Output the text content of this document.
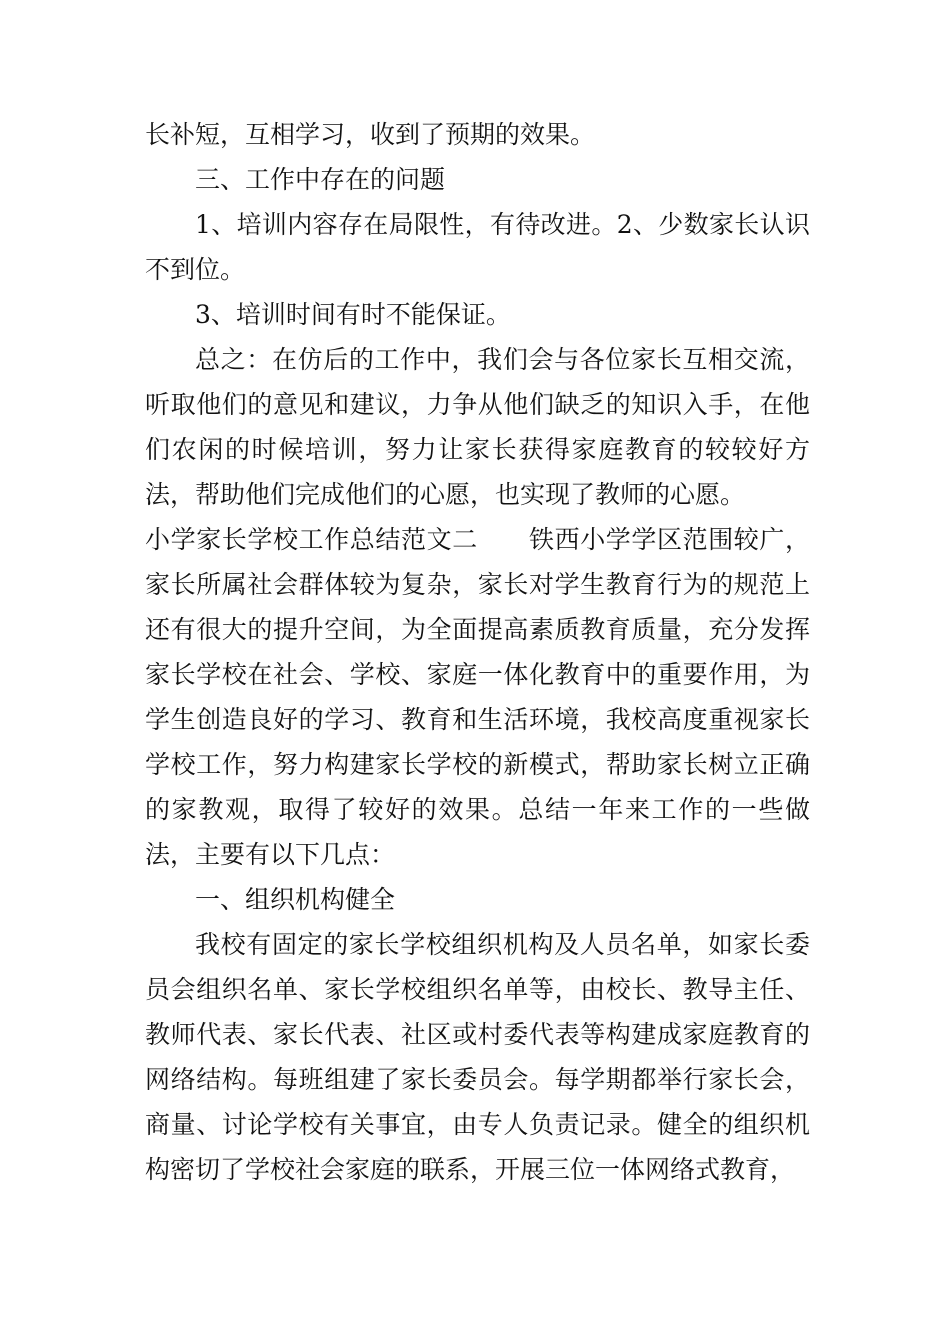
长补短，互相学习，收到了预期的效果。

三、工作中存在的问题

1、培训内容存在局限性，有待改进。2、少数家长认识不到位。

3、培训时间有时不能保证。

总之：在仿后的工作中，我们会与各位家长互相交流，听取他们的意见和建议，力争从他们缺乏的知识入手，在他们农闲的时候培训，努力让家长获得家庭教育的较较好方法，帮助他们完成他们的心愿，也实现了教师的心愿。

小学家长学校工作总结范文二　　铁西小学学区范围较广，家长所属社会群体较为复杂，家长对学生教育行为的规范上还有很大的提升空间，为全面提高素质教育质量，充分发挥家长学校在社会、学校、家庭一体化教育中的重要作用，为学生创造良好的学习、教育和生活环境，我校高度重视家长学校工作，努力构建家长学校的新模式，帮助家长树立正确的家教观，取得了较好的效果。总结一年来工作的一些做法，主要有以下几点：

一、组织机构健全

我校有固定的家长学校组织机构及人员名单，如家长委员会组织名单、家长学校组织名单等，由校长、教导主任、教师代表、家长代表、社区或村委代表等构建成家庭教育的网络结构。每班组建了家长委员会。每学期都举行家长会，商量、讨论学校有关事宜，由专人负责记录。健全的组织机构密切了学校社会家庭的联系，开展三位一体网络式教育，
